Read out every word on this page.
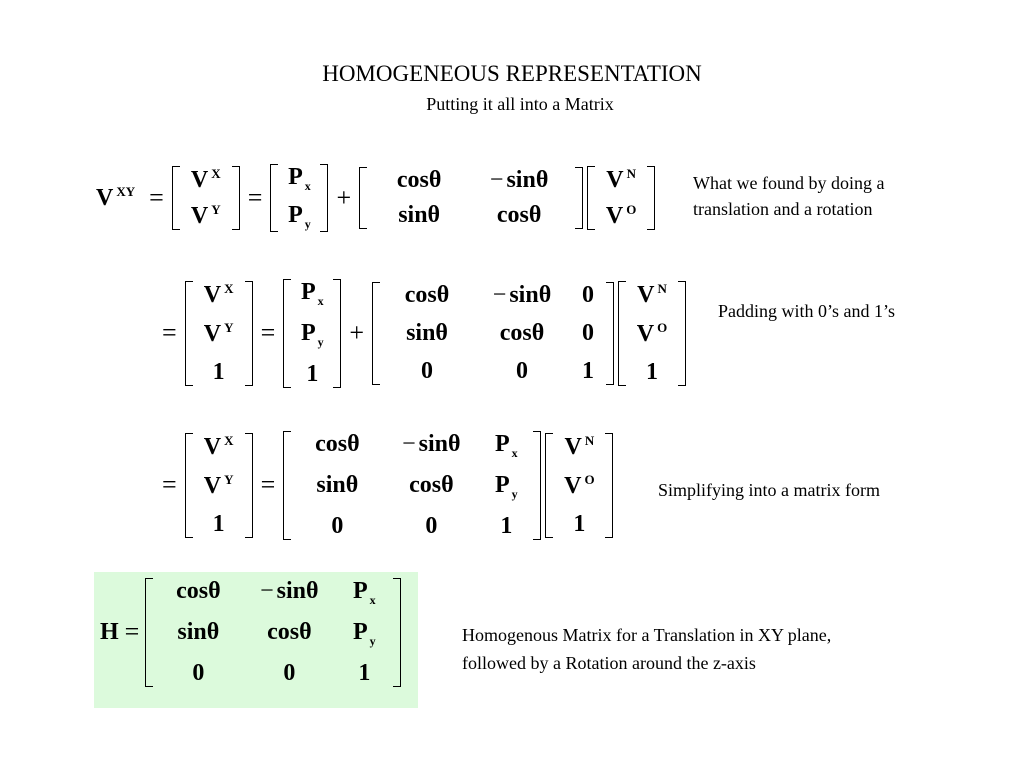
HOMOGENEOUS REPRESENTATION
Putting it all into a Matrix
V $^{XY}$ =
V $^X$
V $^Y$ =
P $_x$
P $_y$
+
cosθ	− sinθ
sinθ	cosθ
V $^N$
V $^O$
What we found by doing a translation and a rotation
=
V $^X$
V $^Y$
1
=
P $_x$
P $_y$
1
+
cosθ	− sinθ	0
sinθ	cosθ	0
0	0	1
V $^N$
V $^O$
1
Padding with 0’s and 1’s
=
V $^X$
V $^Y$
1
=
cosθ	− sinθ	P $_x$
sinθ	cosθ	P $_y$
0	0	1
V $^N$
V $^O$
1
Simplifying into a matrix form
H =
cosθ	− sinθ	P $_x$
sinθ	cosθ	P $_y$
0	0	1
Homogenous Matrix for a Translation in XY plane, followed by a Rotation around the z-axis
